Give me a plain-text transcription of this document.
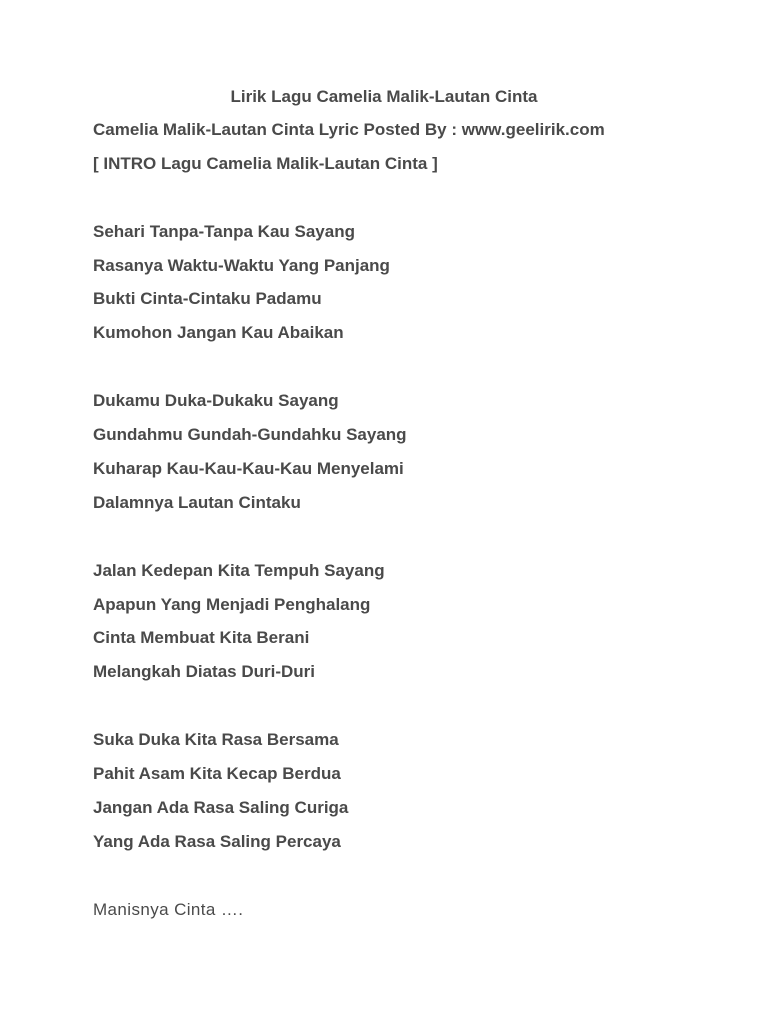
Lirik Lagu Camelia Malik-Lautan Cinta
Camelia Malik-Lautan Cinta Lyric Posted By : www.geelirik.com
[ INTRO Lagu Camelia Malik-Lautan Cinta ]
Sehari Tanpa-Tanpa Kau Sayang
Rasanya Waktu-Waktu Yang Panjang
Bukti Cinta-Cintaku Padamu
Kumohon Jangan Kau Abaikan
Dukamu Duka-Dukaku Sayang
Gundahmu Gundah-Gundahku Sayang
Kuharap Kau-Kau-Kau-Kau Menyelami
Dalamnya Lautan Cintaku
Jalan Kedepan Kita Tempuh Sayang
Apapun Yang Menjadi Penghalang
Cinta Membuat Kita Berani
Melangkah Diatas Duri-Duri
Suka Duka Kita Rasa Bersama
Pahit Asam Kita Kecap Berdua
Jangan Ada Rasa Saling Curiga
Yang Ada Rasa Saling Percaya
Manisnya Cinta ….
